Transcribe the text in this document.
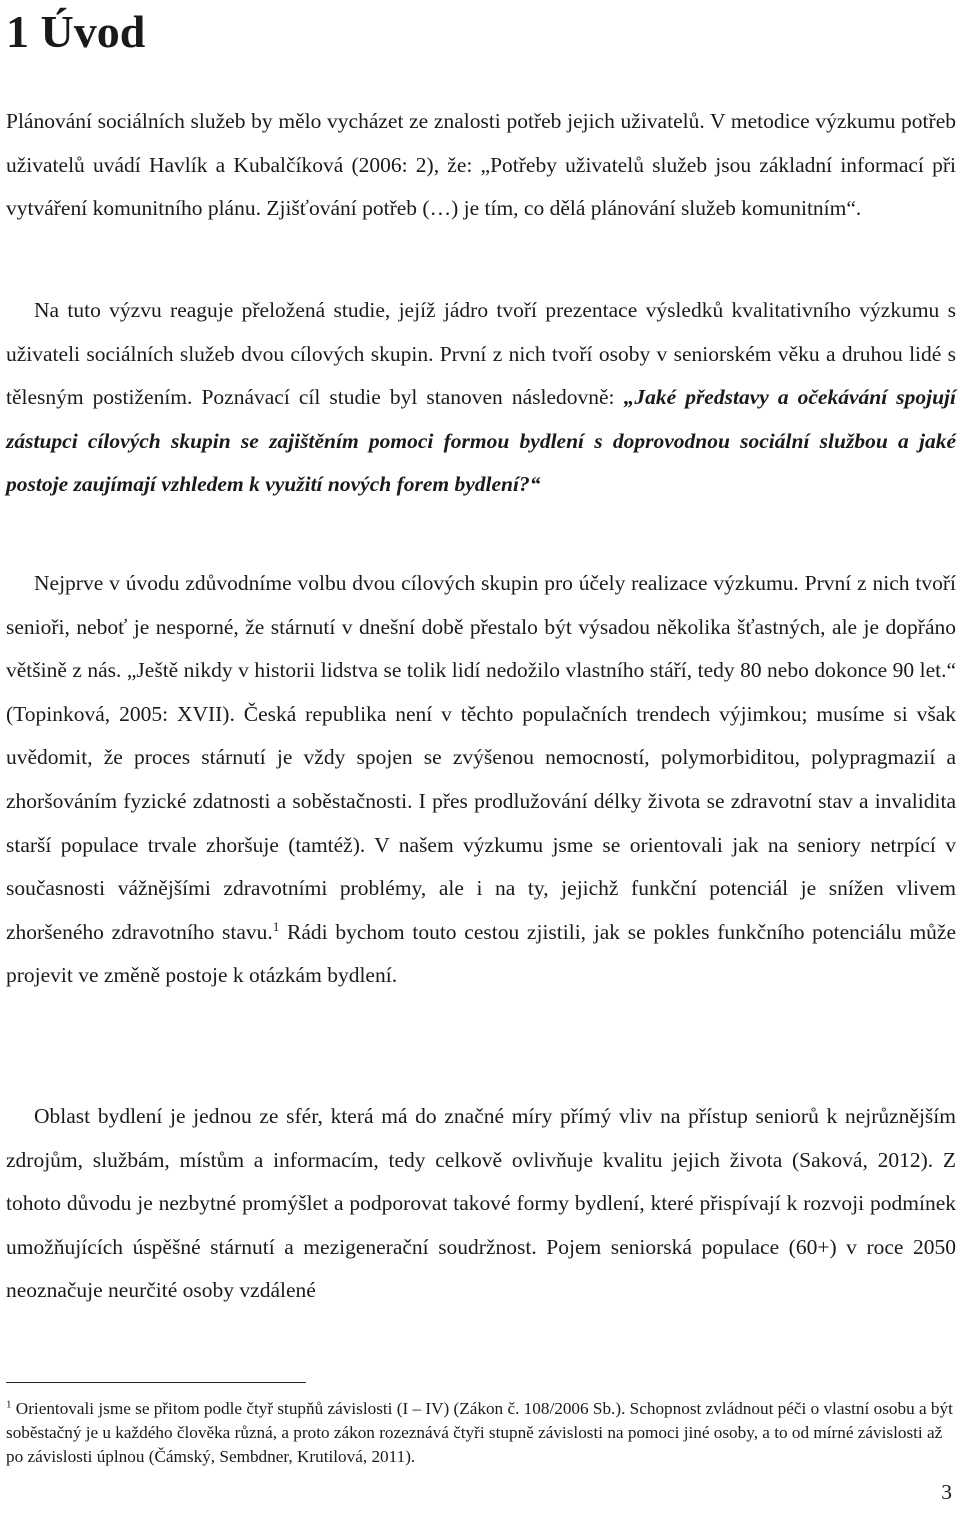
1 Úvod

Plánování sociálních služeb by mělo vycházet ze znalosti potřeb jejich uživatelů. V metodice výzkumu potřeb uživatelů uvádí Havlík a Kubalčíková (2006: 2), že: „Potřeby uživatelů služeb jsou základní informací při vytváření komunitního plánu. Zjišťování potřeb (…) je tím, co dělá plánování služeb komunitním“.

Na tuto výzvu reaguje přeložená studie, jejíž jádro tvoří prezentace výsledků kvalitativního výzkumu s uživateli sociálních služeb dvou cílových skupin. První z nich tvoří osoby v seniorském věku a druhou lidé s tělesným postižením. Poznávací cíl studie byl stanoven následovně: „Jaké představy a očekávání spojují zástupci cílových skupin se zajištěním pomoci formou bydlení s doprovodnou sociální službou a jaké postoje zaujímají vzhledem k využití nových forem bydlení?“

Nejprve v úvodu zdůvodníme volbu dvou cílových skupin pro účely realizace výzkumu. První z nich tvoří senioři, neboť je nesporné, že stárnutí v dnešní době přestalo být výsadou několika šťastných, ale je dopřáno většině z nás. „Ještě nikdy v historii lidstva se tolik lidí nedožilo vlastního stáří, tedy 80 nebo dokonce 90 let.“ (Topinková, 2005: XVII). Česká republika není v těchto populačních trendech výjimkou; musíme si však uvědomit, že proces stárnutí je vždy spojen se zvýšenou nemocností, polymorbiditou, polypragmazií a zhoršováním fyzické zdatnosti a soběstačnosti. I přes prodlužování délky života se zdravotní stav a invalidita starší populace trvale zhoršuje (tamtéž). V našem výzkumu jsme se orientovali jak na seniory netrpící v současnosti vážnějšími zdravotními problémy, ale i na ty, jejichž funkční potenciál je snížen vlivem zhoršeného zdravotního stavu.$^1$ Rádi bychom touto cestou zjistili, jak se pokles funkčního potenciálu může projevit ve změně postoje k otázkám bydlení.

Oblast bydlení je jednou ze sfér, která má do značné míry přímý vliv na přístup seniorů k nejrůznějším zdrojům, službám, místům a informacím, tedy celkově ovlivňuje kvalitu jejich života (Saková, 2012). Z tohoto důvodu je nezbytné promýšlet a podporovat takové formy bydlení, které přispívají k rozvoji podmínek umožňujících úspěšné stárnutí a mezigenerační soudržnost. Pojem seniorská populace (60+) v roce 2050 neoznačuje neurčité osoby vzdálené

$^1$ Orientovali jsme se přitom podle čtyř stupňů závislosti (I – IV) (Zákon č. 108/2006 Sb.). Schopnost zvládnout péči o vlastní osobu a být soběstačný je u každého člověka různá, a proto zákon rozeznává čtyři stupně závislosti na pomoci jiné osoby, a to od mírné závislosti až po závislosti úplnou (Čámský, Sembdner, Krutilová, 2011).

3
